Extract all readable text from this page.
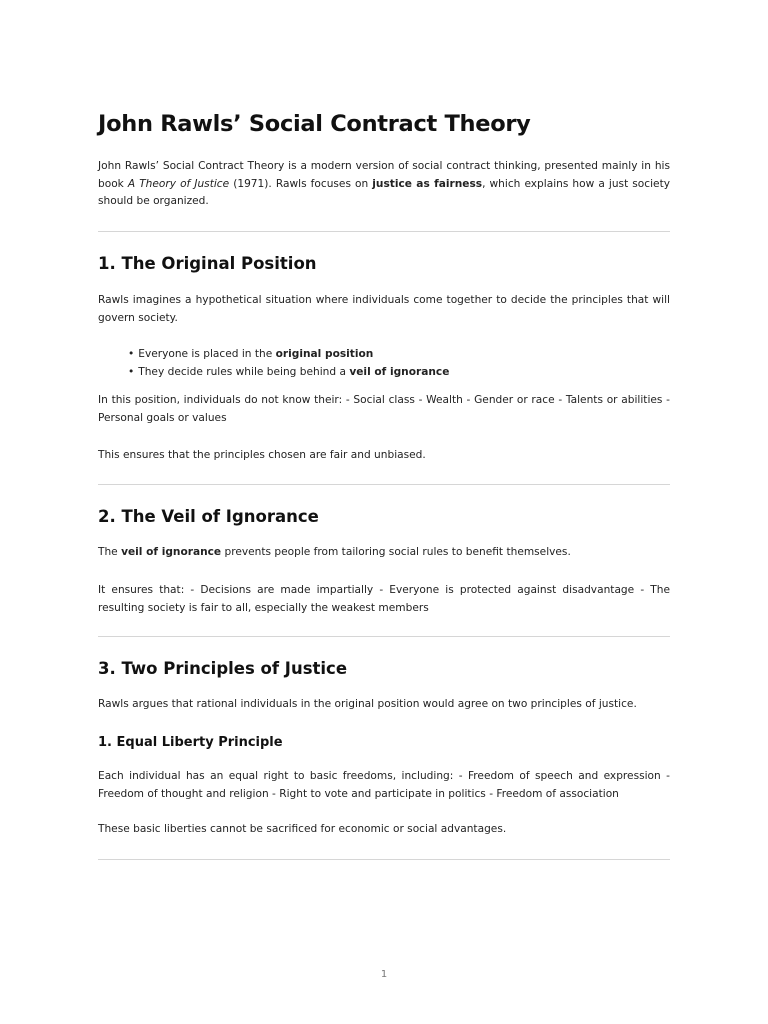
John Rawls’ Social Contract Theory

John Rawls’ Social Contract Theory is a modern version of social contract thinking, presented mainly in his book A Theory of Justice (1971). Rawls focuses on justice as fairness, which explains how a just society should be organized.

1. The Original Position

Rawls imagines a hypothetical situation where individuals come together to decide the principles that will govern society.

• Everyone is placed in the original position
• They decide rules while being behind a veil of ignorance

In this position, individuals do not know their: - Social class - Wealth - Gender or race - Talents or abilities - Personal goals or values

This ensures that the principles chosen are fair and unbiased.

2. The Veil of Ignorance

The veil of ignorance prevents people from tailoring social rules to benefit themselves.

It ensures that: - Decisions are made impartially - Everyone is protected against disadvantage - The resulting society is fair to all, especially the weakest members

3. Two Principles of Justice

Rawls argues that rational individuals in the original position would agree on two principles of justice.

1. Equal Liberty Principle

Each individual has an equal right to basic freedoms, including: - Freedom of speech and expression - Freedom of thought and religion - Right to vote and participate in politics - Freedom of association

These basic liberties cannot be sacrificed for economic or social advantages.

1
